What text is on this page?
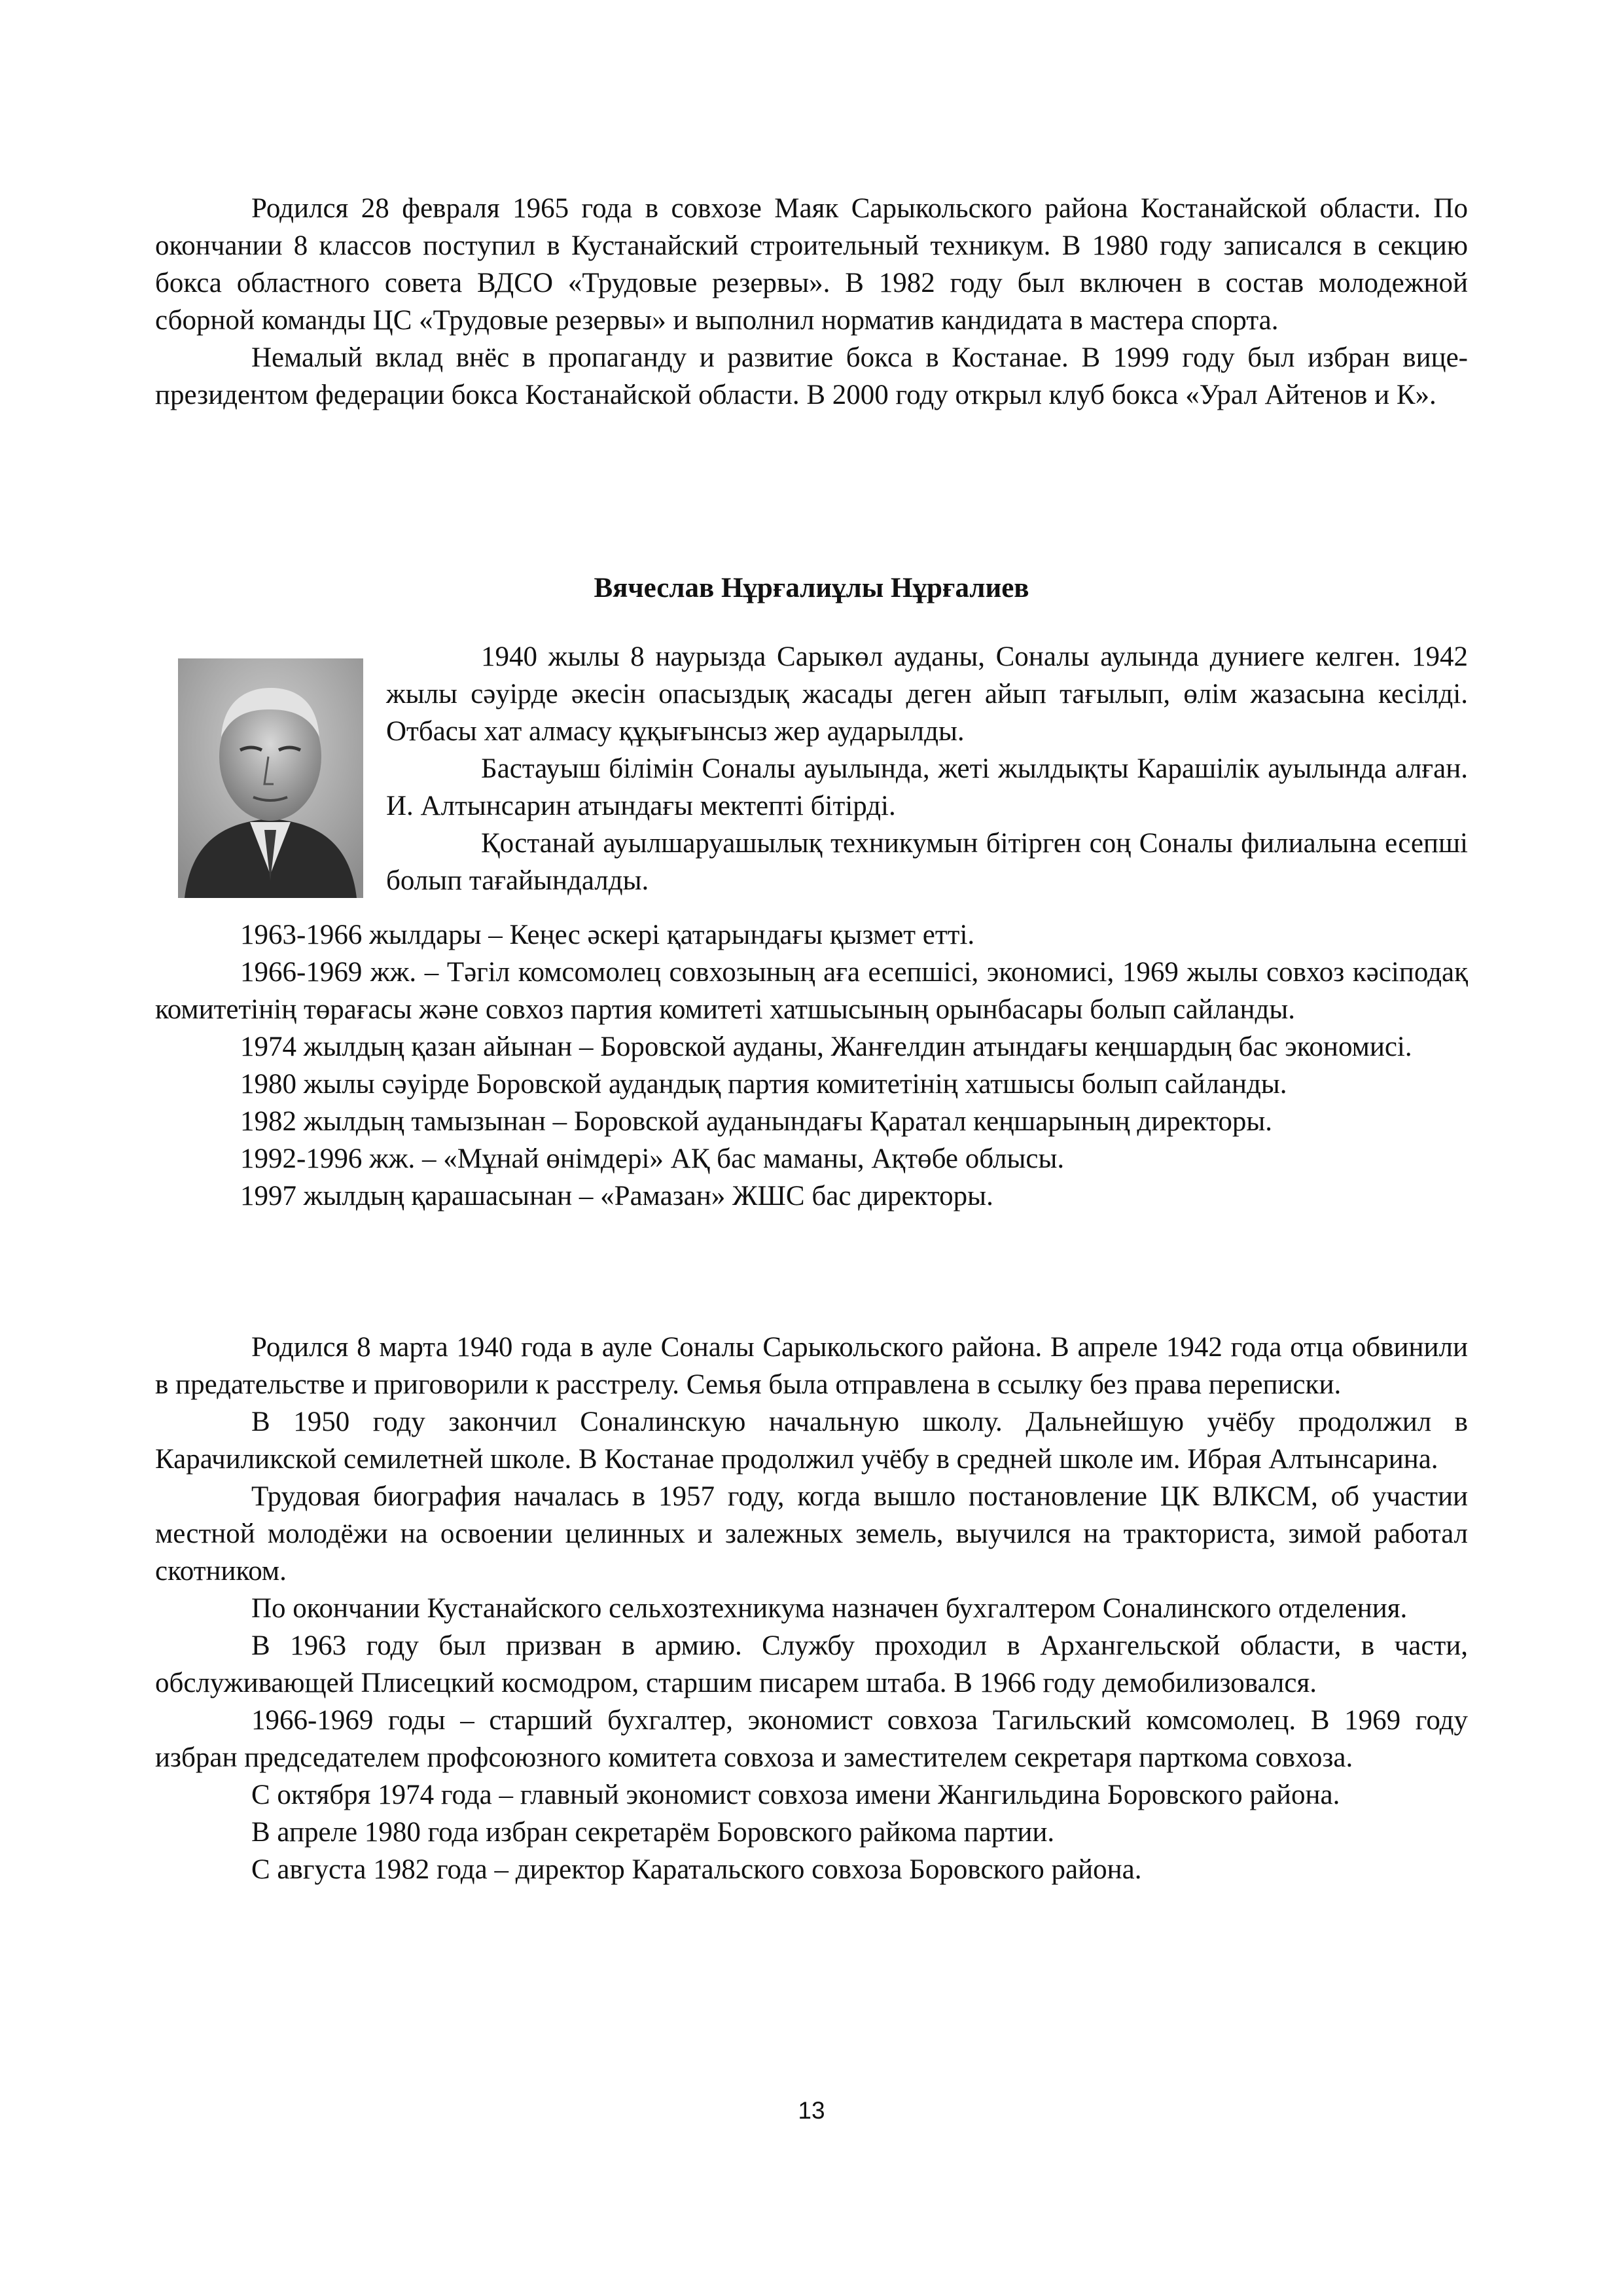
Родился 28 февраля 1965 года в совхозе Маяк Сарыкольского района Костанайской области. По окончании 8 классов поступил в Кустанайский строительный техникум. В 1980 году записался в секцию бокса областного совета ВДСО «Трудовые резервы». В 1982 году был включен в состав молодежной сборной команды ЦС «Трудовые резервы» и выполнил норматив кандидата в мастера спорта.

Немалый вклад внёс в пропаганду и развитие бокса в Костанае. В 1999 году был избран вице-президентом федерации бокса Костанайской области. В 2000 году открыл клуб бокса «Урал Айтенов и К».

Вячеслав Нұрғалиұлы Нұрғалиев

1940 жылы 8 наурызда Сарыкөл ауданы, Соналы аулында дуниеге келген. 1942 жылы сәуірде әкесін опасыздық жасады деген айып тағылып, өлім жазасына кесілді. Отбасы хат алмасу құқығынсыз жер аударылды.

Бастауыш білімін Соналы ауылында, жеті жылдықты Карашілік ауылында алған. И. Алтынсарин атындағы мектепті бітірді.

Қостанай ауылшаруашылық техникумын бітірген соң Соналы филиалына есепші болып тағайындалды.

1963-1966 жылдары – Кеңес әскері қатарындағы қызмет етті.

1966-1969 жж. – Тәгіл комсомолец совхозының аға есепшісі, экономисі, 1969 жылы совхоз кәсіподақ комитетінің төрағасы және совхоз партия комитеті хатшысының орынбасары болып сайланды.

1974 жылдың қазан айынан – Боровской ауданы, Жанғелдин атындағы кеңшардың бас экономисі.

1980 жылы сәуірде Боровской аудандық партия комитетінің хатшысы болып сайланды.

1982 жылдың тамызынан – Боровской ауданындағы Қаратал кеңшарының директоры.

1992-1996 жж. – «Мұнай өнімдері» АҚ бас маманы, Ақтөбе облысы.

1997 жылдың қарашасынан – «Рамазан» ЖШС бас директоры.

Родился 8 марта 1940 года в ауле Соналы Сарыкольского района. В апреле 1942 года отца обвинили в предательстве и приговорили к расстрелу. Семья была отправлена в ссылку без права переписки.

В 1950 году закончил Соналинскую начальную школу. Дальнейшую учёбу продолжил в Карачиликской семилетней школе. В Костанае продолжил учёбу в средней школе им. Ибрая Алтынсарина.

Трудовая биография началась в 1957 году, когда вышло постановление ЦК ВЛКСМ, об участии местной молодёжи на освоении целинных и залежных земель, выучился на тракториста, зимой работал скотником.

По окончании Кустанайского сельхозтехникума назначен бухгалтером Соналинского отделения.

В 1963 году был призван в армию. Службу проходил в Архангельской области, в части, обслуживающей Плисецкий космодром, старшим писарем штаба. В 1966 году демобилизовался.

1966-1969 годы – старший бухгалтер, экономист совхоза Тагильский комсомолец. В 1969 году избран председателем профсоюзного комитета совхоза и заместителем секретаря парткома совхоза.

С октября 1974 года – главный экономист совхоза имени Жангильдина Боровского района.

В апреле 1980 года избран секретарём Боровского райкома партии.

С августа 1982 года – директор Каратальского совхоза Боровского района.

13
